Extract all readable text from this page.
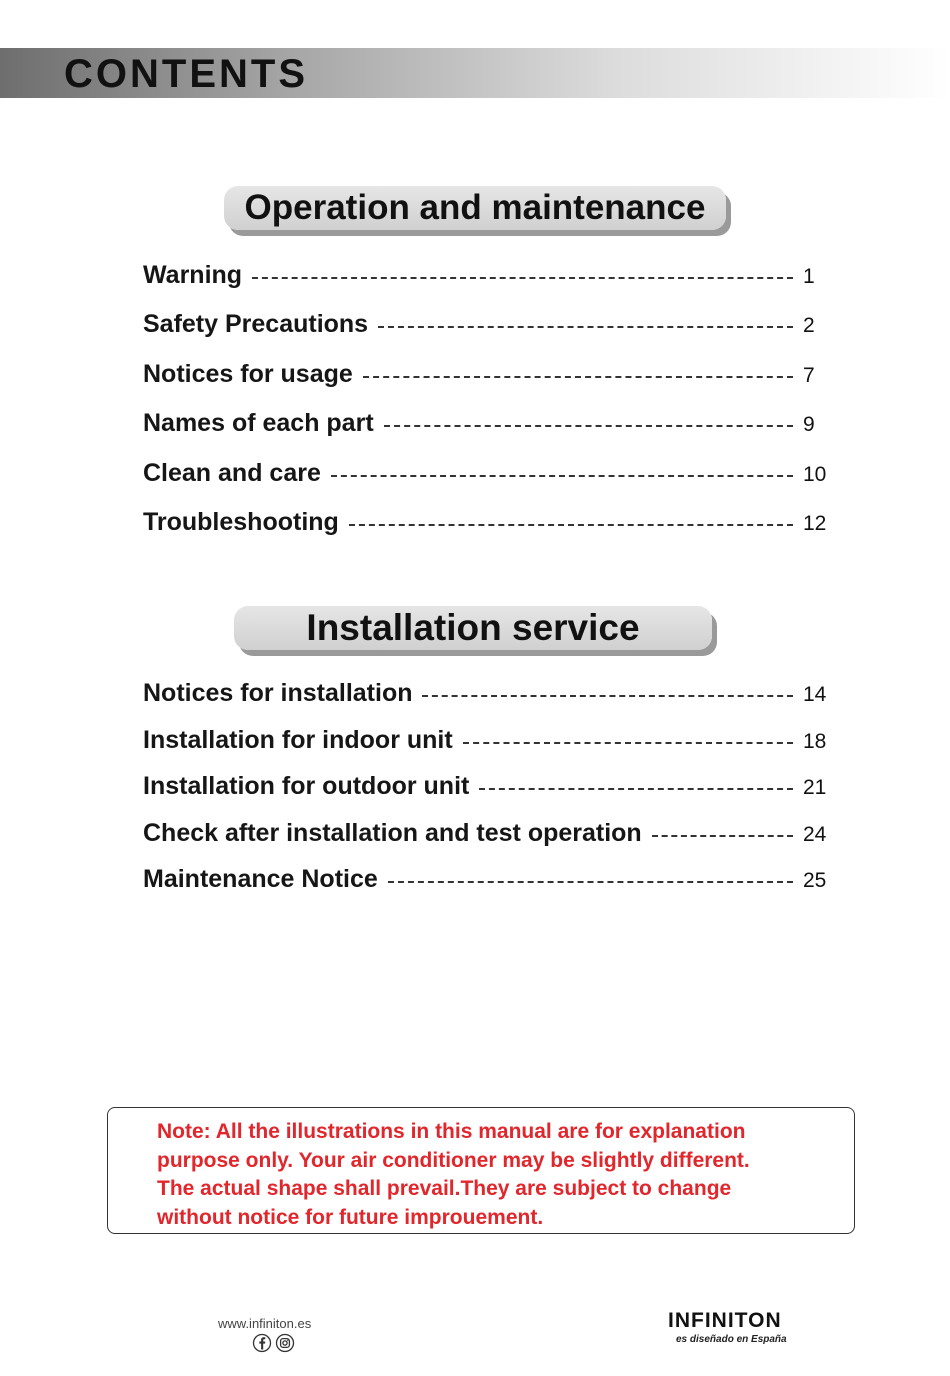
CONTENTS
Operation and maintenance
Warning	1
Safety Precautions	2
Notices for usage	7
Names of each part	9
Clean and care	10
Troubleshooting	12
Installation service
Notices for installation	14
Installation for indoor unit	18
Installation for outdoor unit	21
Check after installation and test operation	24
Maintenance Notice	25
Note: All the illustrations in this manual are for explanation
purpose only. Your air conditioner may be slightly different.
The actual shape shall prevail.They are subject to change
without notice for future improuement.
www.infiniton.es	INFINITON
es diseñado en España
